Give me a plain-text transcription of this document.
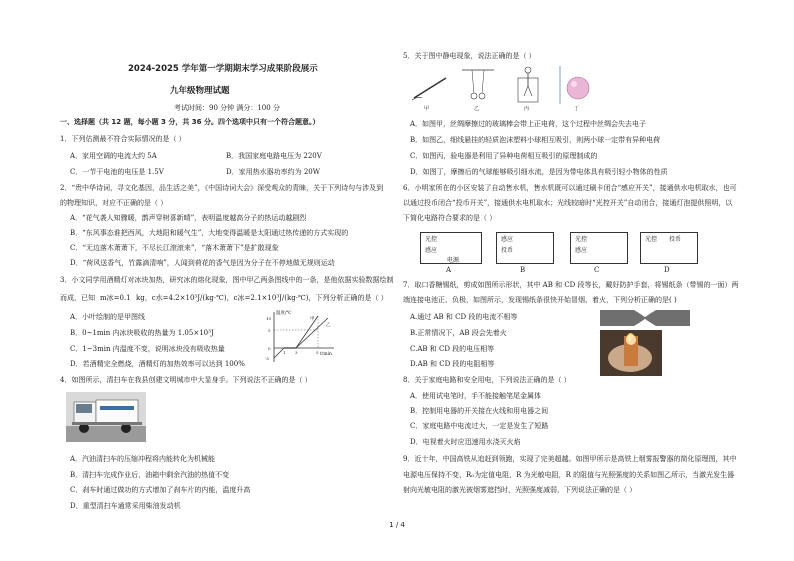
2024-2025 学年第一学期期末学习成果阶段展示
九年级物理试题
考试时间：90 分钟 满分：100 分
一、选择题（共 12 题，每小题 3 分，共 36 分。四个选项中只有一个符合题意。）
1．下列估测最不符合实际情况的是（ ）
A．家用空调的电流大约 5A	B．我国家庭电路电压为 220V
C．一节干电池的电压是 1.5V	D．家用热水器功率约为 20W
2．“贵中华诗词，寻文化基因，品生活之美”，《中国诗词大会》深受观众的青睐，关于下列诗句与涉及到
的物理知识，对应不正确的是（ ）
A．“花气袭人知骤暖，鹊声穿树喜新晴”，表明温度越高分子的热运动越剧烈
B．“东风事态谁把西风，大地阳和暖气生”，大地变得温暖是太阳通过热传递的方式实现的
C．“无边落木萧萧下，不尽长江滚滚来”，“落木萧萧下”是扩散现象
D．“荷风送香气，竹露滴清响”，人闻到荷花的香气是因为分子在不停地做无规则运动
3．小文同学用酒精灯对冰块加热，研究冰的熔化现象，图中甲乙两条图线中的一条，是他依据实验数据绘制
而成，已知 m冰=0.1 kg，c水=4.2×10³J/(kg·℃)，c冰=2.1×10³J/(kg·℃)，下列分析正确的是（ ）
A．小叶绘制的是甲图线
B．0~1min 内冰块吸收的热量为 1.05×10³J
C．1~3min 内温度不变，说明冰块没有吸收热量
D．若酒精完全燃烧，酒精灯的加热效率可以达到 100%
温度/℃
t/min
10
5
0
-5
1 3	5
甲
乙
4．如图所示，清扫车在我县创建文明城市中大显身手。下列说法不正确的是（ ）
A．汽油清扫车的压缩冲程将内能转化为机械能
B．清扫车完成作业后，油箱中剩余汽油的热值不变
C．刹车时通过做功的方式增加了刹车片的内能，温度升高
D．重型清扫车通常采用柴油发动机
5．关于图中静电现象，说法正确的是（ ）
甲	乙	丙	丁
A．如图甲，丝绸摩擦过的玻璃棒会带上正电荷，这个过程中丝绸会失去电子
B．如图乙，细线悬挂的轻质泡沫塑料小球相互吸引，则两小球一定带有异种电荷
C．如图丙，验电器是利用了异种电荷相互吸引的原理制成的
D．如图丁，摩擦后的气球能够吸引细水流，是因为带电体具有吸引轻小物体的性质
6．小明家所在的小区安装了自动售水机，售水机既可以通过刷卡闭合“感应开关”，接通供水电机取水，也可
以通过投币闭合“投币开关”，接通供水电机取水；光线较暗时“光控开关”自动闭合，接通灯泡提供照明，以
下简化电路符合要求的是（ ）
光控
感应
电源
感应
投币
光控
感应
光控 投币
A	B	C	D
7．取口香糖锡纸，剪成如图所示形状，其中 AB 和 CD 段等长，戴好防护手套，将锡纸条（带锡的一面）两
端连接电池正、负极，如图所示，发现锡纸条很快开始冒烟、着火，下列分析正确的是( )
A.通过 AB 和 CD 段的电流不相等
B.正常情况下，AB 段会先着火
C.AB 和 CD 段的电压相等
D.AB 和 CD 段的电阻相等
8．关于家庭电路和安全用电，下列说法正确的是（ ）
A．使用试电笔时，手不能接触笔尾金属体
B．控制用电器的开关接在火线和用电器之间
C．家庭电路中电流过大，一定是发生了短路
D．电视着火时应迅速用水浇灭火焰
9．近十年，中国高铁从追赶到领跑，实现了完美超越。如图甲所示是高铁上烟雾报警器的简化原理图，其中
电源电压保持不变，R₀为定值电阻，R 为光敏电阻，R 的阻值与光照强度的关系如图乙所示，当激光发生器
射向光敏电阻的激光被烟雾遮挡时，光照强度减弱，下列说法正确的是（ ）
1 / 4
